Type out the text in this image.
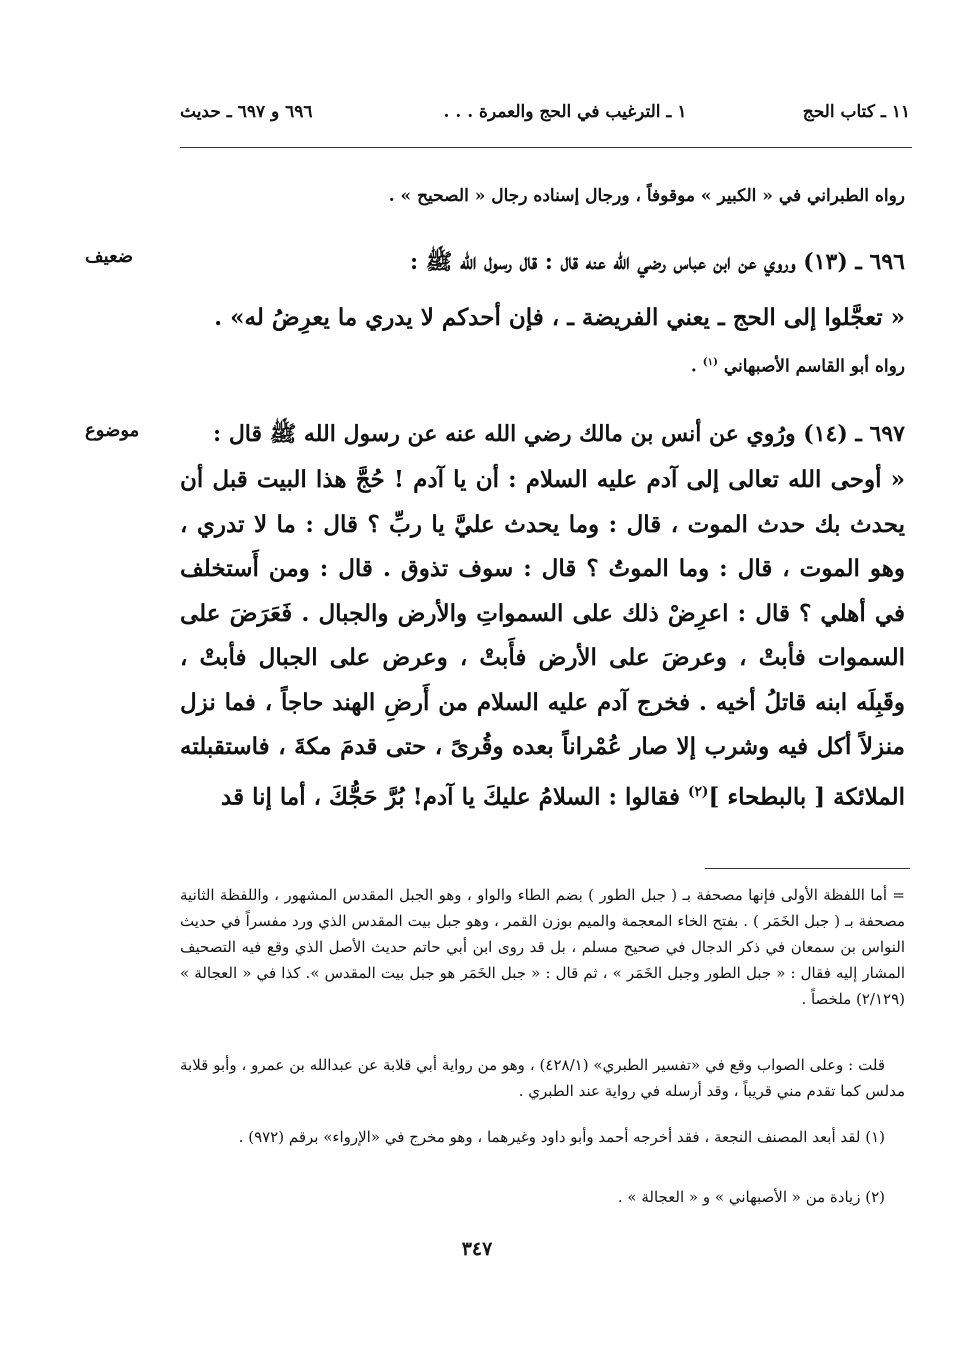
١١ ـ كتاب الحج
١ ـ الترغيب في الحج والعمرة . . .
٦٩٦ و ٦٩٧ ـ حديث
رواه الطبراني في « الكبير » موقوفاً ، ورجال إسناده رجال « الصحيح » .
ضعيف	٦٩٦ ـ (١٣) وروي عن ابن عباس رضي الله عنه قال : قال رسول الله ﷺ :
« تعجَّلوا إلى الحج ـ يعني الفريضة ـ ، فإن أحدكم لا يدري ما يعرِضُ له» .
رواه أبو القاسم الأصبهاني $^{(١)}$ .
موضوع	٦٩٧ ـ (١٤) ورُوي عن أنس بن مالك رضي الله عنه عن رسول الله ﷺ قال :
« أوحى الله تعالى إلى آدم عليه السلام : أن يا آدم ! حُجَّ هذا البيت قبل أن يحدث بك حدث الموت ، قال : وما يحدث عليَّ يا ربِّ ؟ قال : ما لا تدري ، وهو الموت ، قال : وما الموتُ ؟ قال : سوف تذوق . قال : ومن أَستخلف في أهلي ؟ قال : اعرِضْ ذلك على السمواتِ والأرض والجبال . فَعَرَضَ على السموات فأبتْ ، وعرضَ على الأرض فأَبتْ ، وعرض على الجبال فأبتْ ، وقَبِلَه ابنه قاتلُ أخيه . فخرج آدم عليه السلام من أَرضِ الهند حاجاً ، فما نزل منزلاً أكل فيه وشرب إلا صار عُمْراناً بعده وقُرىً ، حتى قدمَ مكةَ ، فاستقبلته الملائكة [ بالبطحاء ]$^{(٢)}$ فقالوا : السلامُ عليكَ يا آدم! بُرَّ حَجُّكَ ، أما إنا قد
= أما اللفظة الأولى فإنها مصحفة بـ ( جبل الطور ) بضم الطاء والواو ، وهو الجبل المقدس المشهور ، واللفظة الثانية مصحفة بـ ( جبل الخَمَر ) . بفتح الخاء المعجمة والميم بوزن القمر ، وهو جبل بيت المقدس الذي ورد مفسراً في حديث النواس بن سمعان في ذكر الدجال في صحيح مسلم ، بل قد روى ابن أبي حاتم حديث الأصل الذي وقع فيه التصحيف المشار إليه فقال : « جبل الطور وجبل الخَمَر » ، ثم قال : « جبل الخَمَر هو جبل بيت المقدس ». كذا في « العجالة » (٢/١٢٩) ملخصاً .
قلت : وعلى الصواب وقع في «تفسير الطبري» (٤٢٨/١) ، وهو من رواية أبي قلابة عن عبدالله بن عمرو ، وأبو قلابة مدلس كما تقدم مني قريباً ، وقد أرسله في رواية عند الطبري .
(١) لقد أبعد المصنف النجعة ، فقد أخرجه أحمد وأبو داود وغيرهما ، وهو مخرج في «الإرواء» برقم (٩٧٢) .
(٢) زيادة من « الأصبهاني » و « العجالة » .
٣٤٧
